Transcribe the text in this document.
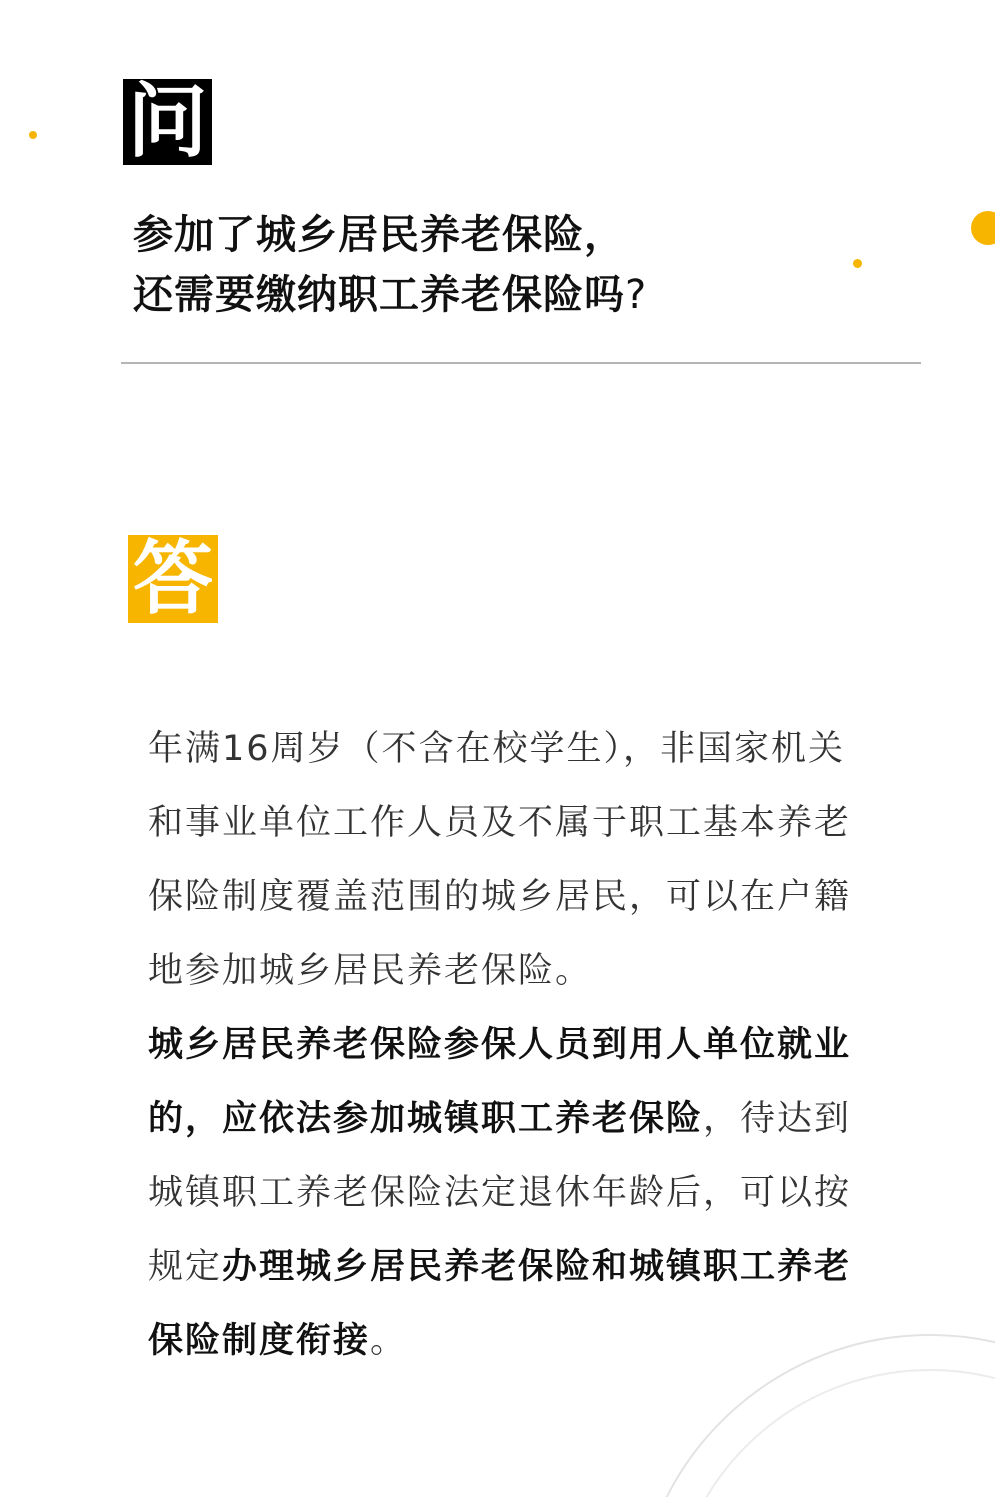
问
参加了城乡居民养老保险，
还需要缴纳职工养老保险吗?
答

年满16周岁（不含在校学生），非国家机关和事业单位工作人员及不属于职工基本养老保险制度覆盖范围的城乡居民，可以在户籍地参加城乡居民养老保险。

城乡居民养老保险参保人员到用人单位就业的，应依法参加城镇职工养老保险，待达到城镇职工养老保险法定退休年龄后，可以按规定办理城乡居民养老保险和城镇职工养老保险制度衔接。
